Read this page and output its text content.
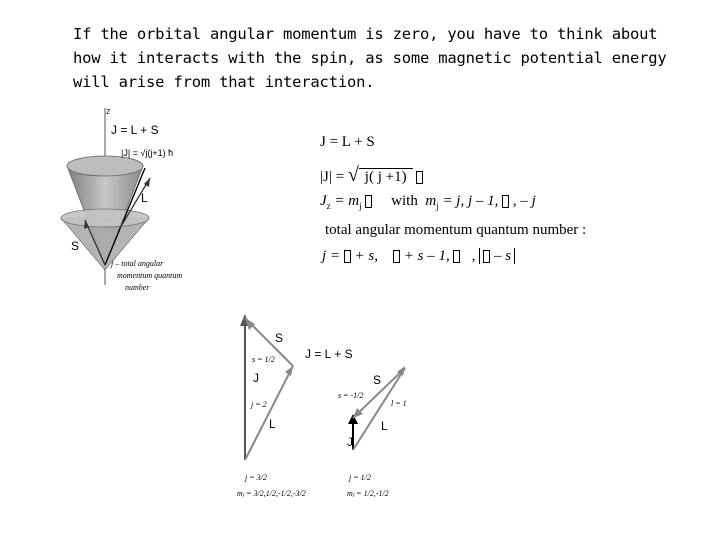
If the orbital angular momentum is zero, you have to think about how it interacts with the spin, as some magnetic potential energy will arise from that interaction.

z
J = L + S
|J| = √j(j+1) ħ
L
S
j – total angular
momentum quantum
number
J = L + S
|J| = √ j( j +1)
$J_z = m_j$ with $m_j = j$, j – 1, , – j
total angular momentum quantum number :
j =  + s, + s – 1, , – s
S
s = 1/2
J
j = 2
L
j = 3/2
mⱼ = 3/2,1/2,-1/2,-3/2
J = L + S
S
s = -1/2
l = 1
L
J
j = 1/2
mⱼ = 1/2,-1/2
